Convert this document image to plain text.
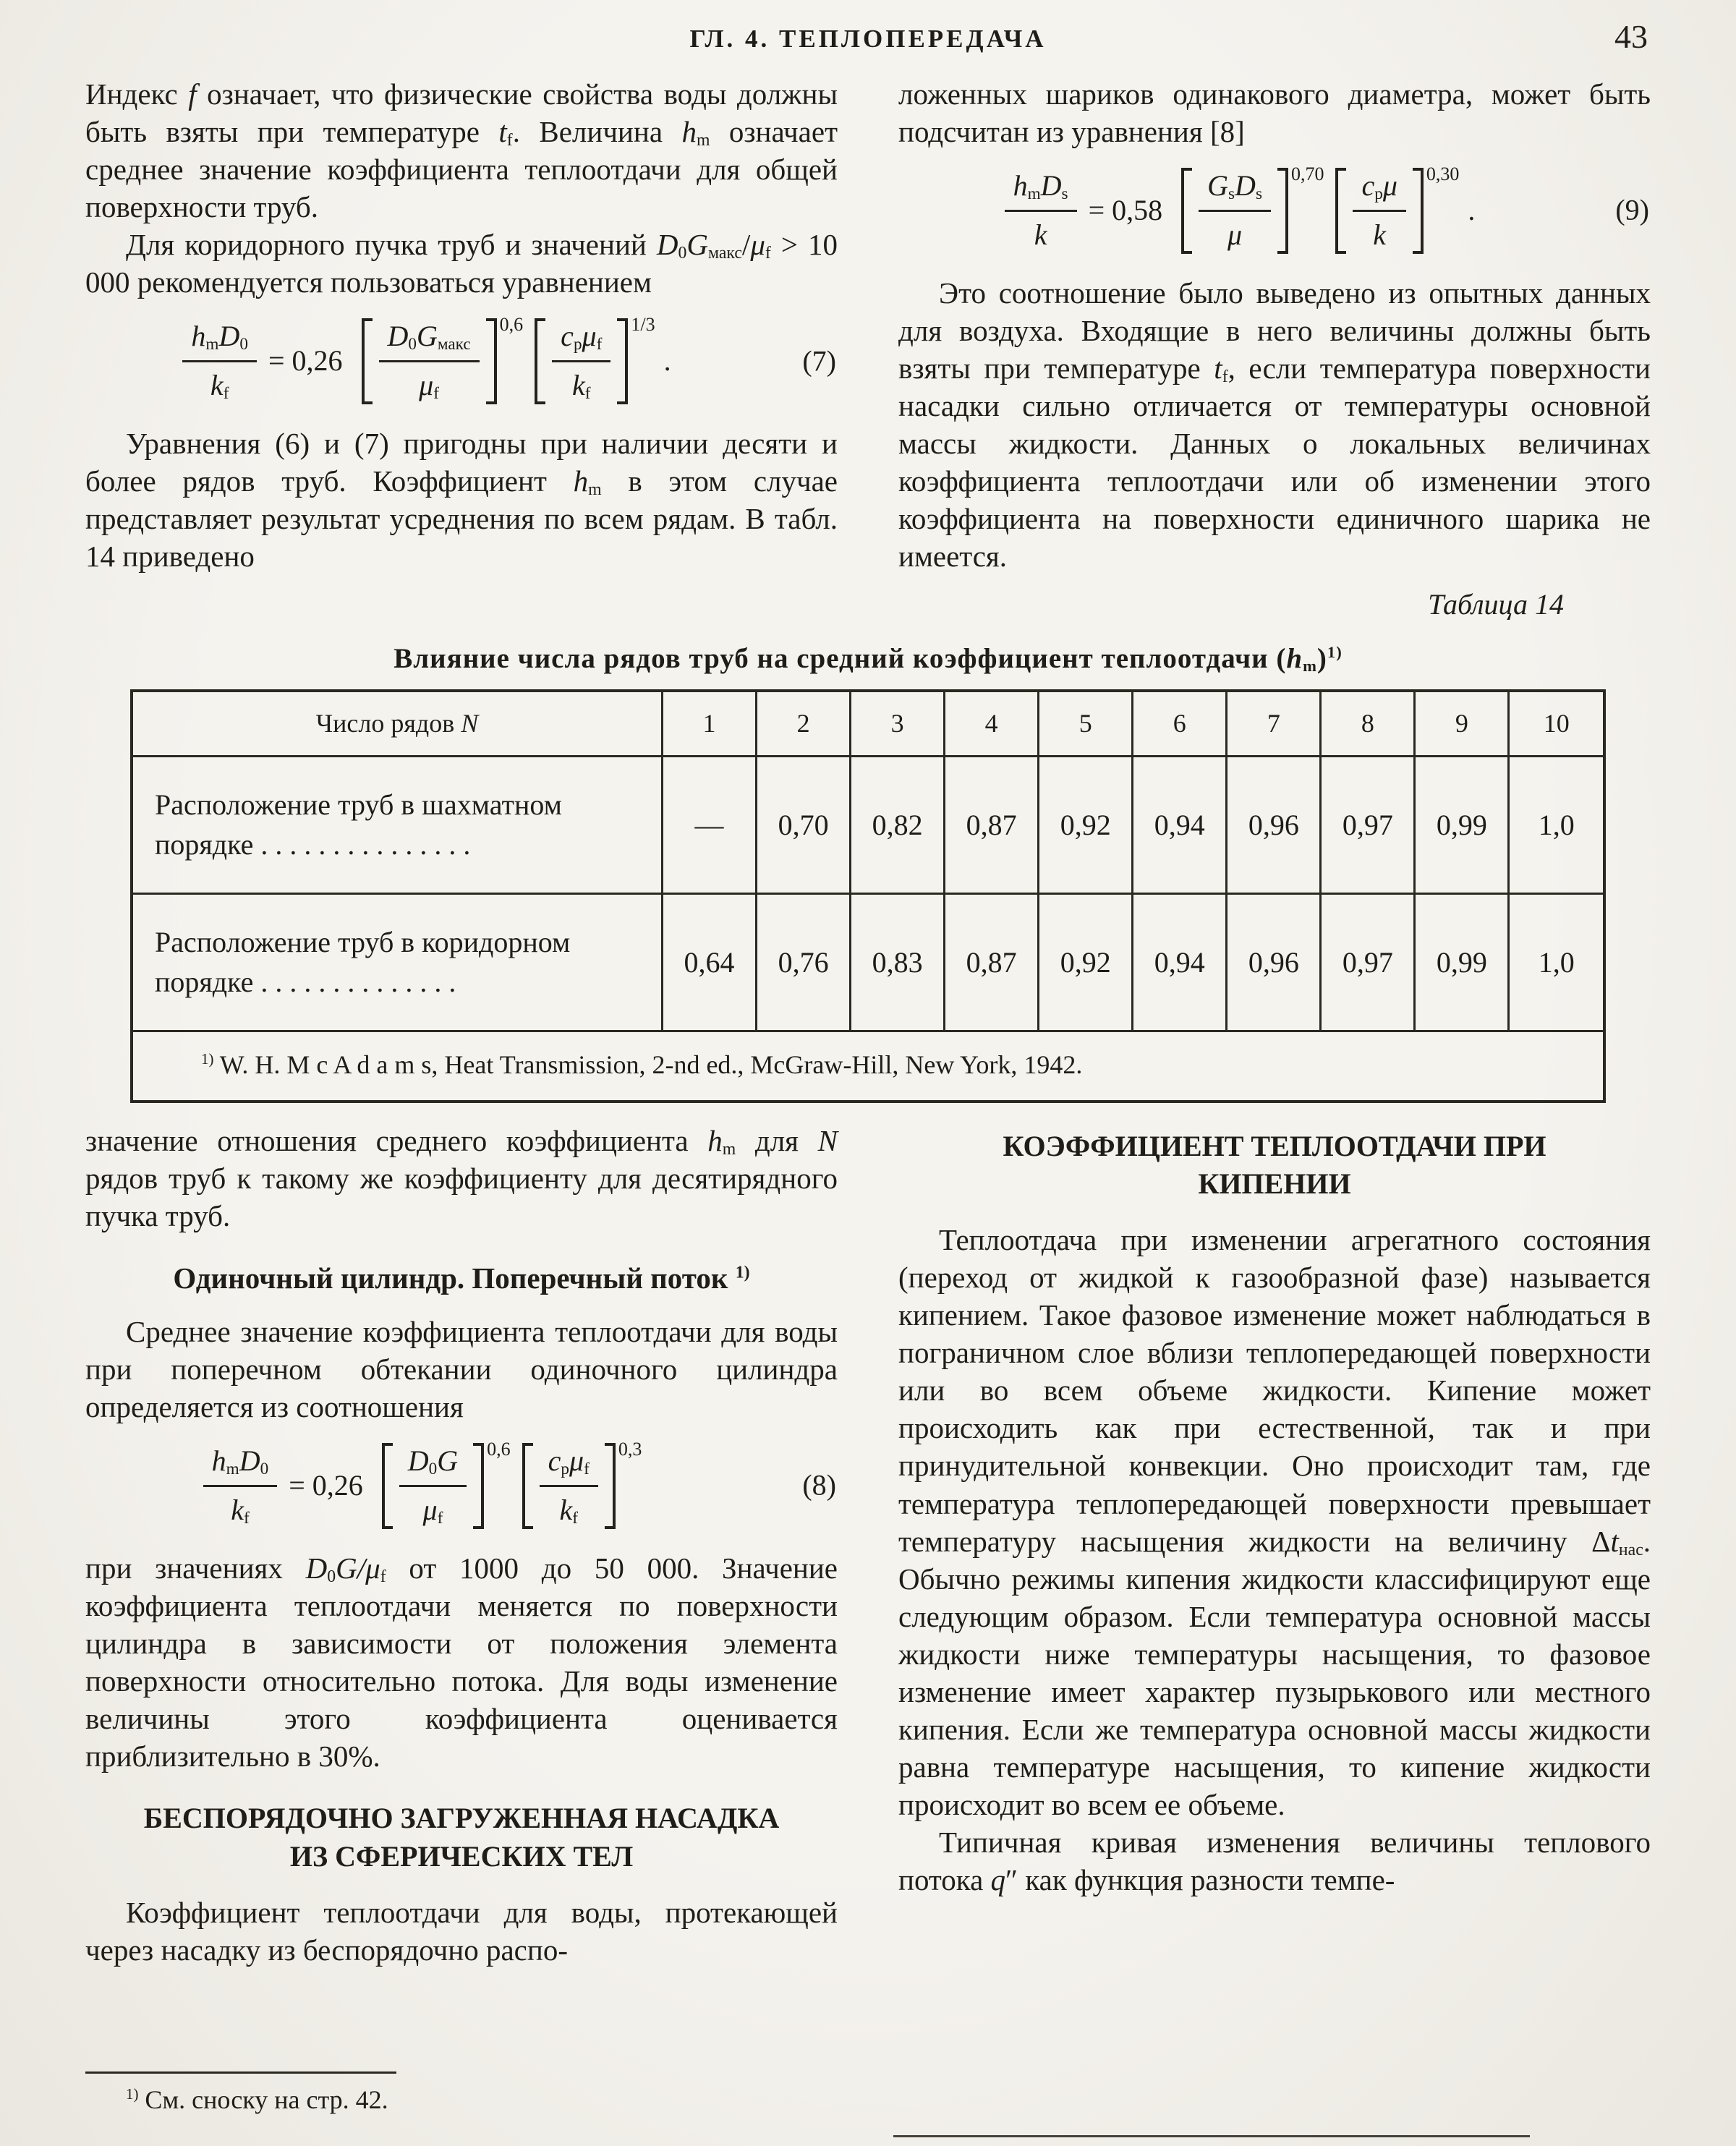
ГЛ. 4. ТЕПЛОПЕРЕДАЧА	43

Индекс f означает, что физические свойства воды должны быть взяты при температуре $t_f$. Величина $h_m$ означает среднее значение коэффициента теплоотдачи для общей поверхности труб.

Для коридорного пучка труб и значений $D_0G_{макс}/\mu_f > 10$ 000 рекомендуется пользоваться уравнением

$\frac{h_mD_0}{k_f} = 0,26 \frac{D_0G_{макс}}{\mu_f} 0,6 \frac{c_p\mu_f}{k_f} 1/3$
.	(7)

Уравнения (6) и (7) пригодны при наличии десяти и более рядов труб. Коэффициент $h_m$ в этом случае представляет результат усреднения по всем рядам. В табл. 14 приведено

ложенных шариков одинакового диаметра, может быть подсчитан из уравнения [8]

$\frac{h_mD_s}{k} = 0,58 \frac{G_sD_s}{\mu} 0,70 \frac{c_p\mu}{k} 0,30$
.	(9)

Это соотношение было выведено из опытных данных для воздуха. Входящие в него величины должны быть взяты при температуре $t_f$, если температура поверхности насадки сильно отличается от температуры основной массы жидкости. Данных о локальных величинах коэффициента теплоотдачи или об изменении этого коэффициента на поверхности единичного шарика не имеется.

Таблица 14
Влияние числа рядов труб на средний коэффициент теплоотдачи $(h_m)^{1)}$
Число рядов N	1	2	3	4	5	6	7	8	9	10
Расположение труб в шахматном порядке . . . . . . . . . . . . . . .	—	0,70	0,82	0,87	0,92	0,94	0,96	0,97	0,99	1,0
Расположение труб в коридорном порядке . . . . . . . . . . . . . .	0,64	0,76	0,83	0,87	0,92	0,94	0,96	0,97	0,99	1,0
$^{1)}$ W. H. M c A d a m s, Heat Transmission, 2-nd ed., McGraw-Hill, New York, 1942.

значение отношения среднего коэффициента $h_m$ для N рядов труб к такому же коэффициенту для десятирядного пучка труб.

Одиночный цилиндр. Поперечный поток $^{1)}$

Среднее значение коэффициента теплоотдачи для воды при поперечном обтекании одиночного цилиндра определяется из соотношения

$\frac{h_mD_0}{k_f} = 0,26 \frac{D_0G}{\mu_f} 0,6 \frac{c_p\mu_f}{k_f} 0,3$
(8)

при значениях $D_0G/\mu_f$ от 1000 до 50 000. Значение коэффициента теплоотдачи меняется по поверхности цилиндра в зависимости от положения элемента поверхности относительно потока. Для воды изменение величины этого коэффициента оценивается приблизительно в 30%.

БЕСПОРЯДОЧНО ЗАГРУЖЕННАЯ НАСАДКА ИЗ СФЕРИЧЕСКИХ ТЕЛ

Коэффициент теплоотдачи для воды, протекающей через насадку из беспорядочно распо-

$^{1)}$ См. сноску на стр. 42.

КОЭФФИЦИЕНТ ТЕПЛООТДАЧИ ПРИ КИПЕНИИ

Теплоотдача при изменении агрегатного состояния (переход от жидкой к газообразной фазе) называется кипением. Такое фазовое изменение может наблюдаться в пограничном слое вблизи теплопередающей поверхности или во всем объеме жидкости. Кипение может происходить как при естественной, так и при принудительной конвекции. Оно происходит там, где температура теплопередающей поверхности превышает температуру насыщения жидкости на величину $\Delta t_{нас}$. Обычно режимы кипения жидкости классифицируют еще следующим образом. Если температура основной массы жидкости ниже температуры насыщения, то фазовое изменение имеет характер пузырькового или местного кипения. Если же температура основной массы жидкости равна температуре насыщения, то кипение жидкости происходит во всем ее объеме.

Типичная кривая изменения величины теплового потока q″ как функция разности темпе-
